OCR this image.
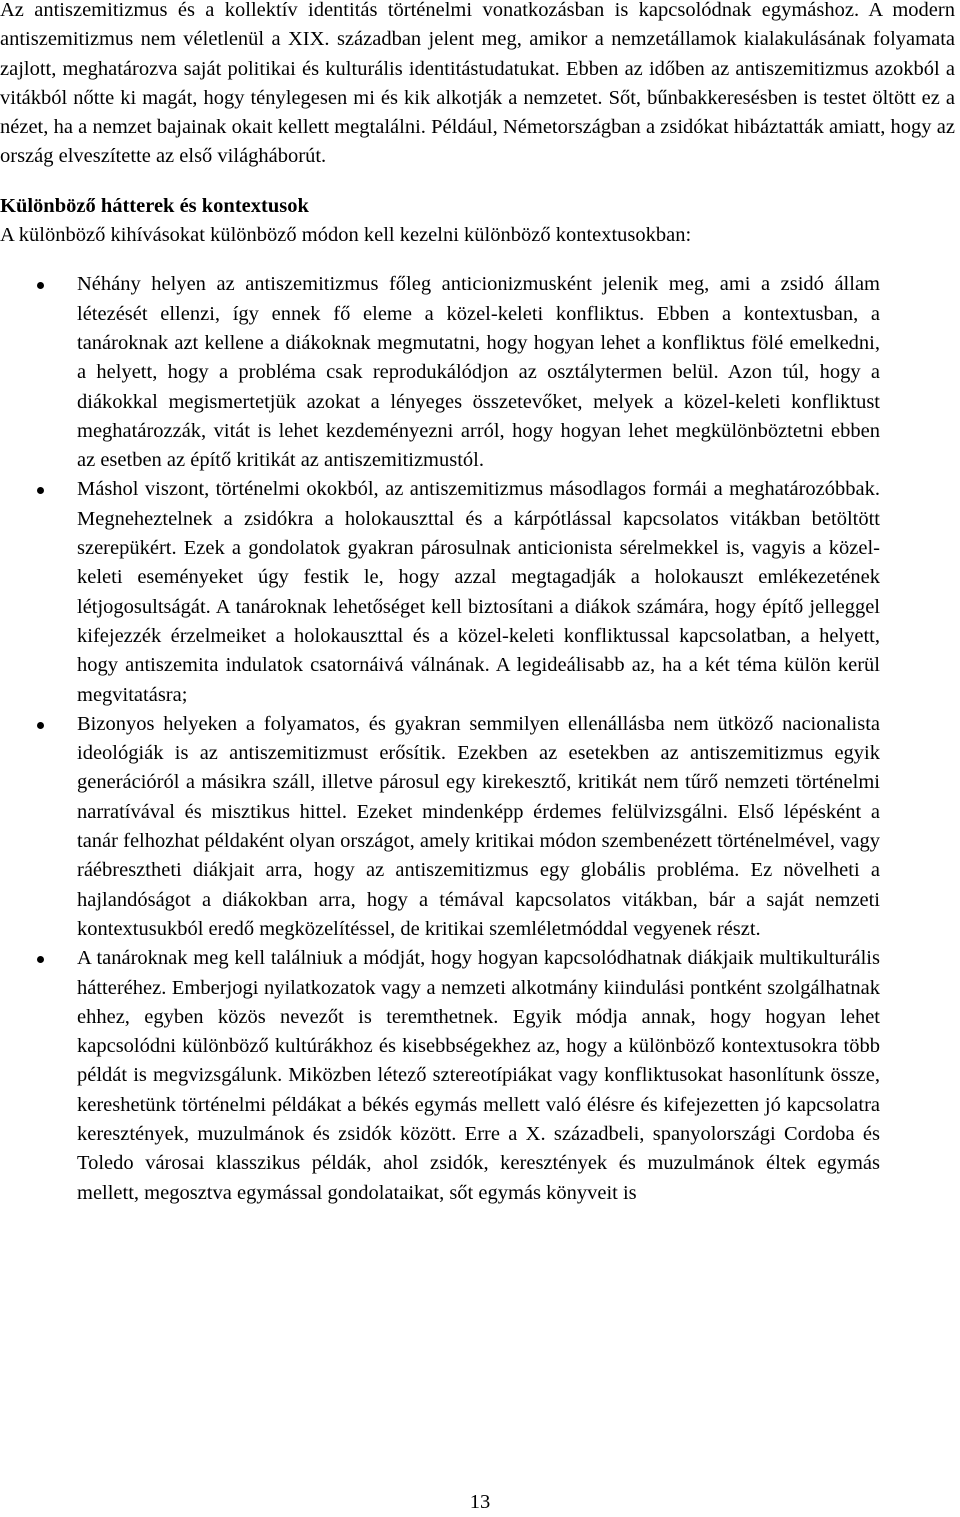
Az antiszemitizmus és a kollektív identitás történelmi vonatkozásban is kapcsolódnak egymáshoz. A modern antiszemitizmus nem véletlenül a XIX. században jelent meg, amikor a nemzetállamok kialakulásának folyamata zajlott, meghatározva saját politikai és kulturális identitástudatukat. Ebben az időben az antiszemitizmus azokból a vitákból nőtte ki magát, hogy ténylegesen mi és kik alkotják a nemzetet. Sőt, bűnbakkeresésben is testet öltött ez a nézet, ha a nemzet bajainak okait kellett megtalálni. Például, Németországban a zsidókat hibáztatták amiatt, hogy az ország elveszítette az első világháborút.

Különböző hátterek és kontextusok

A különböző kihívásokat különböző módon kell kezelni különböző kontextusokban:

Néhány helyen az antiszemitizmus főleg anticionizmusként jelenik meg, ami a zsidó állam létezését ellenzi, így ennek fő eleme a közel-keleti konfliktus. Ebben a kontextusban, a tanároknak azt kellene a diákoknak megmutatni, hogy hogyan lehet a konfliktus fölé emelkedni, a helyett, hogy a probléma csak reprodukálódjon az osztálytermen belül. Azon túl, hogy a diákokkal megismertetjük azokat a lényeges összetevőket, melyek a közel-keleti konfliktust meghatározzák, vitát is lehet kezdeményezni arról, hogy hogyan lehet megkülönböztetni ebben az esetben az építő kritikát az antiszemitizmustól.
Máshol viszont, történelmi okokból, az antiszemitizmus másodlagos formái a meghatározóbbak. Megneheztelnek a zsidókra a holokauszttal és a kárpótlással kapcsolatos vitákban betöltött szerepükért. Ezek a gondolatok gyakran párosulnak anticionista sérelmekkel is, vagyis a közel-keleti eseményeket úgy festik le, hogy azzal megtagadják a holokauszt emlékezetének létjogosultságát. A tanároknak lehetőséget kell biztosítani a diákok számára, hogy építő jelleggel kifejezzék érzelmeiket a holokauszttal és a közel-keleti konfliktussal kapcsolatban, a helyett, hogy antiszemita indulatok csatornáivá válnának. A legideálisabb az, ha a két téma külön kerül megvitatásra;
Bizonyos helyeken a folyamatos, és gyakran semmilyen ellenállásba nem ütköző nacionalista ideológiák is az antiszemitizmust erősítik. Ezekben az esetekben az antiszemitizmus egyik generációról a másikra száll, illetve párosul egy kirekesztő, kritikát nem tűrő nemzeti történelmi narratívával és misztikus hittel. Ezeket mindenképp érdemes felülvizsgálni. Első lépésként a tanár felhozhat példaként olyan országot, amely kritikai módon szembenézett történelmével, vagy ráébresztheti diákjait arra, hogy az antiszemitizmus egy globális probléma. Ez növelheti a hajlandóságot a diákokban arra, hogy a témával kapcsolatos vitákban, bár a saját nemzeti kontextusukból eredő megközelítéssel, de kritikai szemléletmóddal vegyenek részt.
A tanároknak meg kell találniuk a módját, hogy hogyan kapcsolódhatnak diákjaik multikulturális hátteréhez. Emberjogi nyilatkozatok vagy a nemzeti alkotmány kiindulási pontként szolgálhatnak ehhez, egyben közös nevezőt is teremthetnek. Egyik módja annak, hogy hogyan lehet kapcsolódni különböző kultúrákhoz és kisebbségekhez az, hogy a különböző kontextusokra több példát is megvizsgálunk. Miközben létező sztereotípiákat vagy konfliktusokat hasonlítunk össze, kereshetünk történelmi példákat a békés egymás mellett való élésre és kifejezetten jó kapcsolatra keresztények, muzulmánok és zsidók között. Erre a X. századbeli, spanyolországi Cordoba és Toledo városai klasszikus példák, ahol zsidók, keresztények és muzulmánok éltek egymás mellett, megosztva egymással gondolataikat, sőt egymás könyveit is
13
